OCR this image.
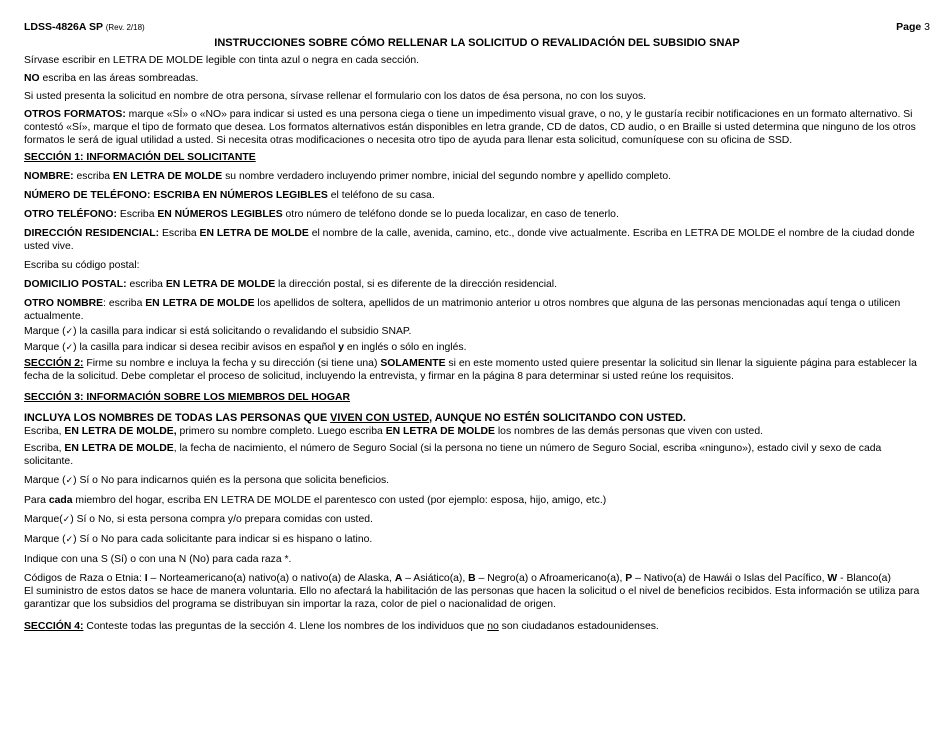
LDSS-4826A SP (Rev. 2/18)	Page 3
INSTRUCCIONES SOBRE CÓMO RELLENAR LA SOLICITUD O REVALIDACIÓN DEL SUBSIDIO SNAP

Sírvase escribir en LETRA DE MOLDE legible con tinta azul o negra en cada sección.

NO escriba en las áreas sombreadas.

Si usted presenta la solicitud en nombre de otra persona, sírvase rellenar el formulario con los datos de ésa persona, no con los suyos.

OTROS FORMATOS: marque «SÍ» o «NO» para indicar si usted es una persona ciega o tiene un impedimento visual grave, o no, y le gustaría recibir notificaciones en un formato alternativo. Si contestó «Sí», marque el tipo de formato que desea. Los formatos alternativos están disponibles en letra grande, CD de datos, CD audio, o en Braille si usted determina que ninguno de los otros formatos le será de igual utilidad a usted. Si necesita otras modificaciones o necesita otro tipo de ayuda para llenar esta solicitud, comuníquese con su oficina de SSD.

SECCIÓN 1: INFORMACIÓN DEL SOLICITANTE

NOMBRE: escriba EN LETRA DE MOLDE su nombre verdadero incluyendo primer nombre, inicial del segundo nombre y apellido completo.

NÚMERO DE TELÉFONO: ESCRIBA EN NÚMEROS LEGIBLES el teléfono de su casa.

OTRO TELÉFONO: Escriba EN NÚMEROS LEGIBLES otro número de teléfono donde se lo pueda localizar, en caso de tenerlo.

DIRECCIÓN RESIDENCIAL: Escriba EN LETRA DE MOLDE el nombre de la calle, avenida, camino, etc., donde vive actualmente. Escriba en LETRA DE MOLDE el nombre de la ciudad donde usted vive.

Escriba su código postal:

DOMICILIO POSTAL: escriba EN LETRA DE MOLDE la dirección postal, si es diferente de la dirección residencial.

OTRO NOMBRE: escriba EN LETRA DE MOLDE los apellidos de soltera, apellidos de un matrimonio anterior u otros nombres que alguna de las personas mencionadas aquí tenga o utilicen actualmente.

Marque (✓) la casilla para indicar si está solicitando o revalidando el subsidio SNAP.

Marque (✓) la casilla para indicar si desea recibir avisos en español y en inglés o sólo en inglés.

SECCIÓN 2: Firme su nombre e incluya la fecha y su dirección (si tiene una) SOLAMENTE si en este momento usted quiere presentar la solicitud sin llenar la siguiente página para establecer la fecha de la solicitud. Debe completar el proceso de solicitud, incluyendo la entrevista, y firmar en la página 8 para determinar si usted reúne los requisitos.

SECCIÓN 3: INFORMACIÓN SOBRE LOS MIEMBROS DEL HOGAR

INCLUYA LOS NOMBRES DE TODAS LAS PERSONAS QUE VIVEN CON USTED, AUNQUE NO ESTÉN SOLICITANDO CON USTED.

Escriba, EN LETRA DE MOLDE, primero su nombre completo. Luego escriba EN LETRA DE MOLDE los nombres de las demás personas que viven con usted.

Escriba, EN LETRA DE MOLDE, la fecha de nacimiento, el número de Seguro Social (si la persona no tiene un número de Seguro Social, escriba «ninguno»), estado civil y sexo de cada solicitante.

Marque (✓) Sí o No para indicarnos quién es la persona que solicita beneficios.

Para cada miembro del hogar, escriba EN LETRA DE MOLDE el parentesco con usted (por ejemplo: esposa, hijo, amigo, etc.)

Marque(✓) Sí o No, si esta persona compra y/o prepara comidas con usted.

Marque (✓) Sí o No para cada solicitante para indicar si es hispano o latino.

Indique con una S (Sí) o con una N (No) para cada raza *.

Códigos de Raza o Etnia: I – Norteamericano(a) nativo(a) o nativo(a) de Alaska, A – Asiático(a), B – Negro(a) o Afroamericano(a), P – Nativo(a) de Hawái o Islas del Pacífico, W - Blanco(a)

El suministro de estos datos se hace de manera voluntaria. Ello no afectará la habilitación de las personas que hacen la solicitud o el nivel de beneficios recibidos. Esta información se utiliza para garantizar que los subsidios del programa se distribuyan sin importar la raza, color de piel o nacionalidad de origen.

SECCIÓN 4: Conteste todas las preguntas de la sección 4. Llene los nombres de los individuos que no son ciudadanos estadounidenses.
